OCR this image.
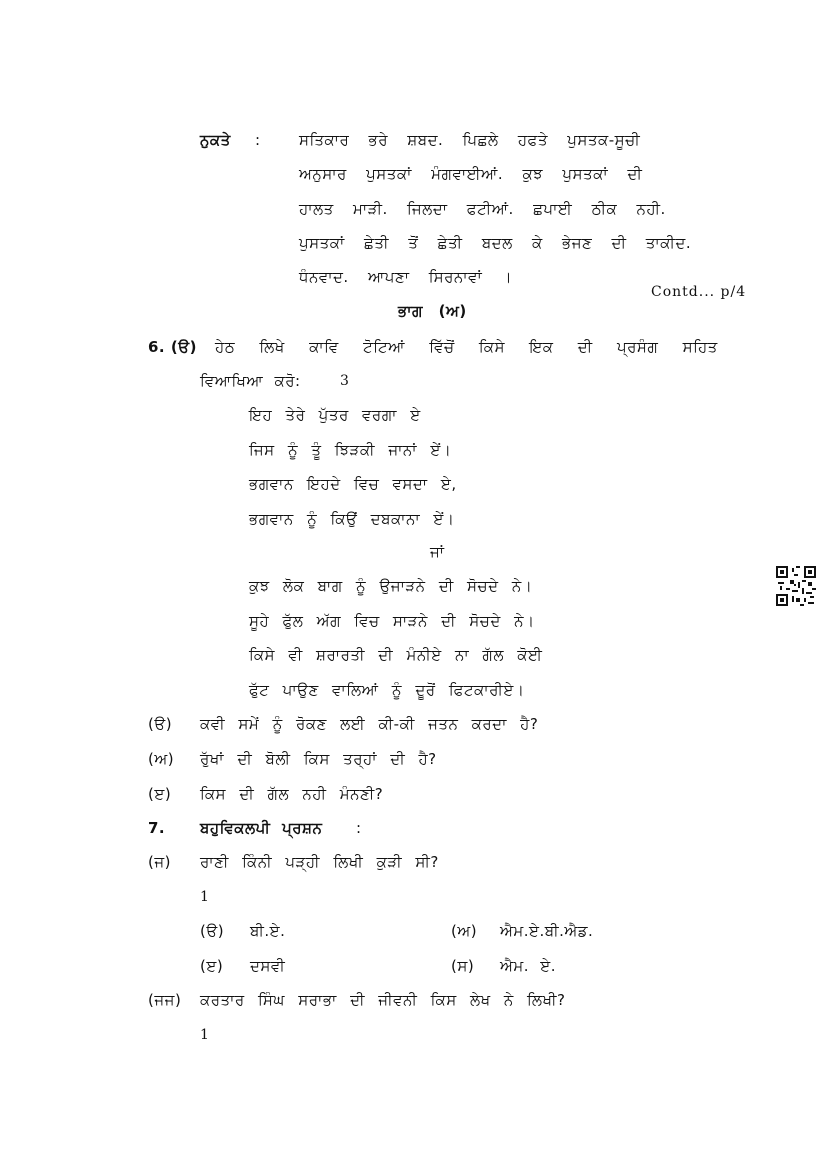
ਨੁਕਤੇ :	ਸਤਿਕਾਰ ਭਰੇ ਸ਼ਬਦ. ਪਿਛਲੇ ਹਫਤੇ ਪੁਸਤਕ-ਸੂਚੀ
ਅਨੁਸਾਰ ਪੁਸਤਕਾਂ ਮੰਗਵਾਈਆਂ. ਕੁਝ ਪੁਸਤਕਾਂ ਦੀ
ਹਾਲਤ ਮਾੜੀ. ਜਿਲਦਾ ਫਟੀਆਂ. ਛਪਾਈ ਠੀਕ ਨਹੀ.
ਪੁਸਤਕਾਂ ਛੇਤੀ ਤੋਂ ਛੇਤੀ ਬਦਲ ਕੇ ਭੇਜਣ ਦੀ ਤਾਕੀਦ.
ਧੰਨਵਾਦ. ਆਪਣਾ ਸਿਰਨਾਵਾਂ ।
Contd... p/4
ਭਾਗ (ਅ)
6. (ੳ) ਹੇਠ ਲਿਖੇ ਕਾਵਿ ਟੋਟਿਆਂ ਵਿੱਚੋਂ ਕਿਸੇ ਇਕ ਦੀ ਪ੍ਰਸੰਗ ਸਹਿਤ
ਵਿਆਖਿਆ ਕਰੋ:	3
ਇਹ ਤੇਰੇ ਪੁੱਤਰ ਵਰਗਾ ਏ
ਜਿਸ ਨੂੰ ਤੂੰ ਝਿੜਕੀ ਜਾਨਾਂ ਏਂ।
ਭਗਵਾਨ ਇਹਦੇ ਵਿਚ ਵਸਦਾ ਏ,
ਭਗਵਾਨ ਨੂੰ ਕਿਉਂ ਦਬਕਾਨਾ ਏਂ।
ਜਾਂ
ਕੁਝ ਲੋਕ ਬਾਗ ਨੂੰ ਉਜਾੜਨੇ ਦੀ ਸੋਚਦੇ ਨੇ।
ਸੂਹੇ ਫੁੱਲ ਅੱਗ ਵਿਚ ਸਾੜਨੇ ਦੀ ਸੋਚਦੇ ਨੇ।
ਕਿਸੇ ਵੀ ਸ਼ਰਾਰਤੀ ਦੀ ਮੰਨੀਏ ਨਾ ਗੱਲ ਕੋਈ
ਫੁੱਟ ਪਾਉਣ ਵਾਲਿਆਂ ਨੂੰ ਦੂਰੋਂ ਫਿਟਕਾਰੀਏ।
(ੳ) ਕਵੀ ਸਮੇਂ ਨੂੰ ਰੋਕਣ ਲਈ ਕੀ-ਕੀ ਜਤਨ ਕਰਦਾ ਹੈ?
(ਅ) ਰੁੱਖਾਂ ਦੀ ਬੋਲੀ ਕਿਸ ਤਰ੍ਹਾਂ ਦੀ ਹੈ?
(ੲ) ਕਿਸ ਦੀ ਗੱਲ ਨਹੀ ਮੰਨਣੀ?
7. ਬਹੁਵਿਕਲਪੀ ਪ੍ਰਸ਼ਨ :
(ਜ) ਰਾਣੀ ਕਿੰਨੀ ਪੜ੍ਹੀ ਲਿਖੀ ਕੁੜੀ ਸੀ?
1
(ੳ) ਬੀ.ਏ.	(ਅ) ਐਮ.ਏ.ਬੀ.ਐਡ.
(ੲ) ਦਸਵੀ	(ਸ) ਐਮ. ਏ.
(ਜਜ) ਕਰਤਾਰ ਸਿੰਘ ਸਰਾਭਾ ਦੀ ਜੀਵਨੀ ਕਿਸ ਲੇਖ ਨੇ ਲਿਖੀ?
1
